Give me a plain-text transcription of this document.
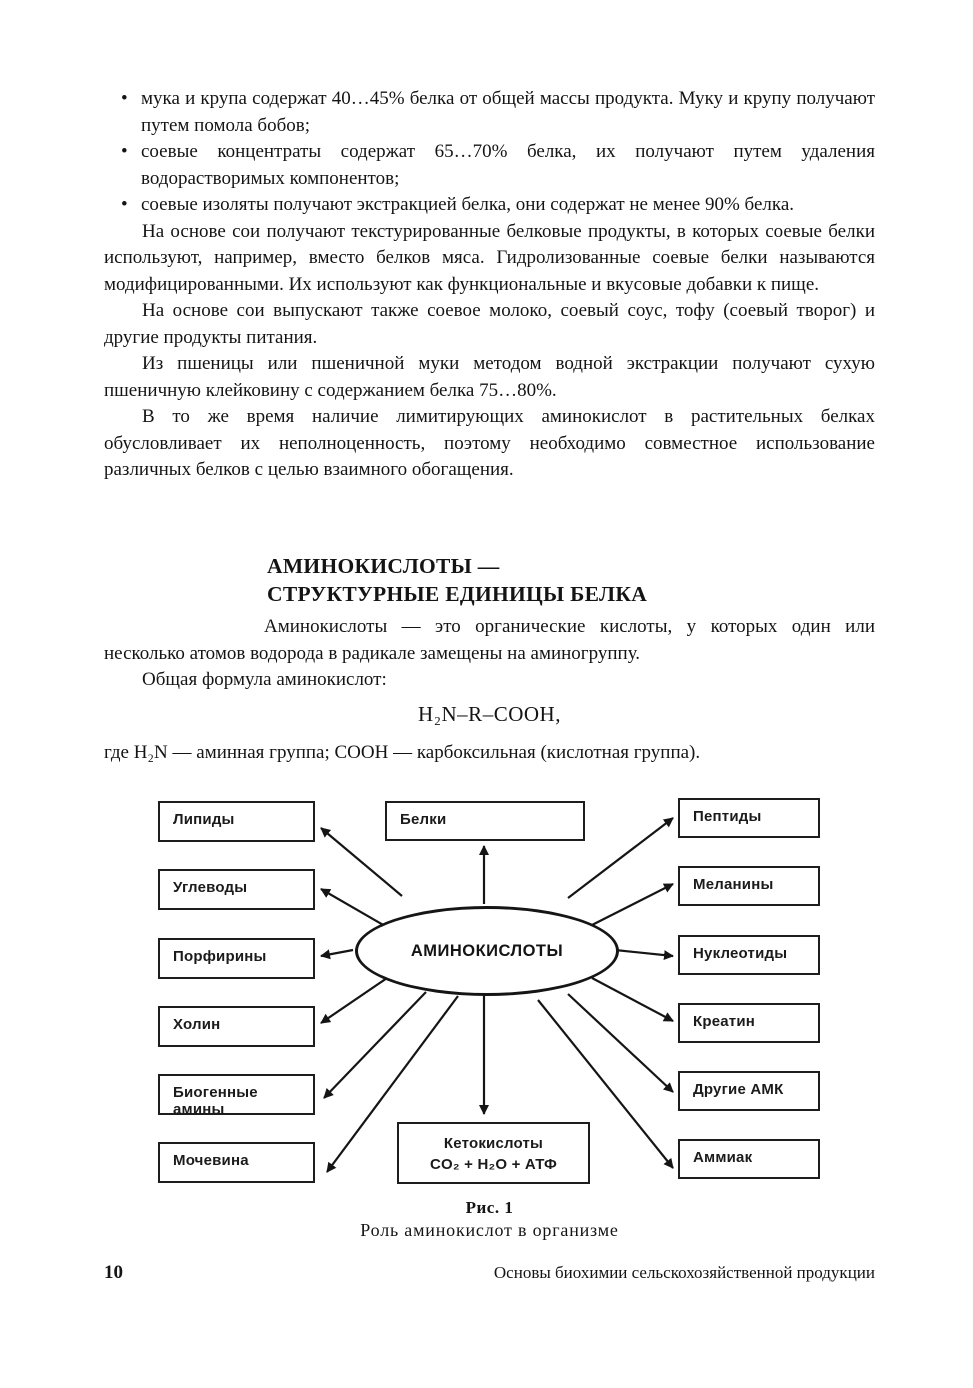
• мука и крупа содержат 40…45% белка от общей массы продукта. Муку и крупу получают путем помола бобов;
• соевые концентраты содержат 65…70% белка, их получают путем удаления водорастворимых компонентов;
• соевые изоляты получают экстракцией белка, они содержат не менее 90% белка.

На основе сои получают текстурированные белковые продукты, в которых соевые белки используют, например, вместо белков мяса. Гидролизованные соевые белки называются модифицированными. Их используют как функциональные и вкусовые добавки к пище.

На основе сои выпускают также соевое молоко, соевый соус, тофу (соевый творог) и другие продукты питания.

Из пшеницы или пшеничной муки методом водной экстракции получают сухую пшеничную клейковину с содержанием белка 75…80%.

В то же время наличие лимитирующих аминокислот в растительных белках обусловливает их неполноценность, поэтому необходимо совместное использование различных белков с целью взаимного обогащения.

АМИНОКИСЛОТЫ —
СТРУКТУРНЫЕ ЕДИНИЦЫ БЕЛКА

Аминокислоты — это органические кислоты, у которых один или несколько атомов водорода в радикале замещены на аминогруппу.

Общая формула аминокислот:

H₂N–R–COOH,
где H₂N — аминная группа; COOH — карбоксильная (кислотная группа).
АМИНОКИСЛОТЫ
Белки
Липиды
Углеводы
Порфирины
Холин
Биогенные амины
Мочевина
Пептиды
Меланины
Нуклеотиды
Креатин
Другие АМК
Аммиак
Кетокислоты
CO₂ + H₂O + АТФ
Рис. 1
Роль аминокислот в организме
10	Основы биохимии сельскохозяйственной продукции
